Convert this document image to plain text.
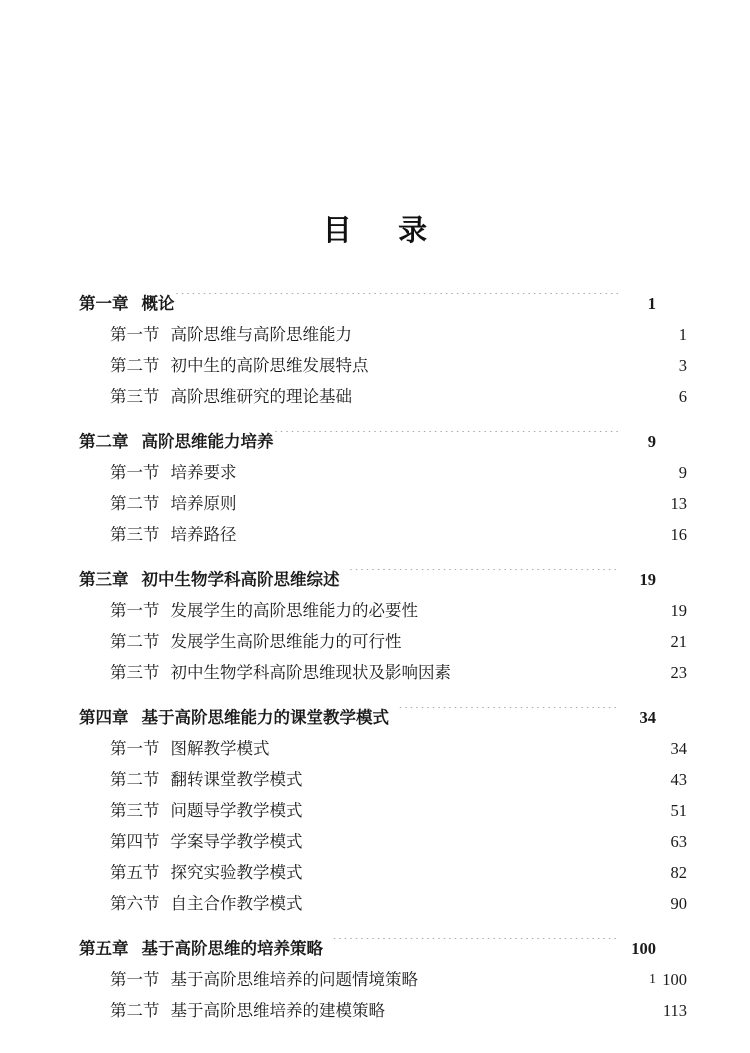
目　录
第一章 概论 ·····	1
第一节 高阶思维与高阶思维能力 ·····	1
第二节 初中生的高阶思维发展特点 ·····	3
第三节 高阶思维研究的理论基础 ·····	6
第二章 高阶思维能力培养 ·····	9
第一节 培养要求 ·····	9
第二节 培养原则 ·····	13
第三节 培养路径 ·····	16
第三章 初中生物学科高阶思维综述 ·····	19
第一节 发展学生的高阶思维能力的必要性 ·····	19
第二节 发展学生高阶思维能力的可行性 ·····	21
第三节 初中生物学科高阶思维现状及影响因素 ·····	23
第四章 基于高阶思维能力的课堂教学模式 ·····	34
第一节 图解教学模式 ·····	34
第二节 翻转课堂教学模式 ·····	43
第三节 问题导学教学模式 ·····	51
第四节 学案导学教学模式 ·····	63
第五节 探究实验教学模式 ·····	82
第六节 自主合作教学模式 ·····	90
第五章 基于高阶思维的培养策略 ·····	100
第一节 基于高阶思维培养的问题情境策略 ·····	100
第二节 基于高阶思维培养的建模策略 ·····	113
1
